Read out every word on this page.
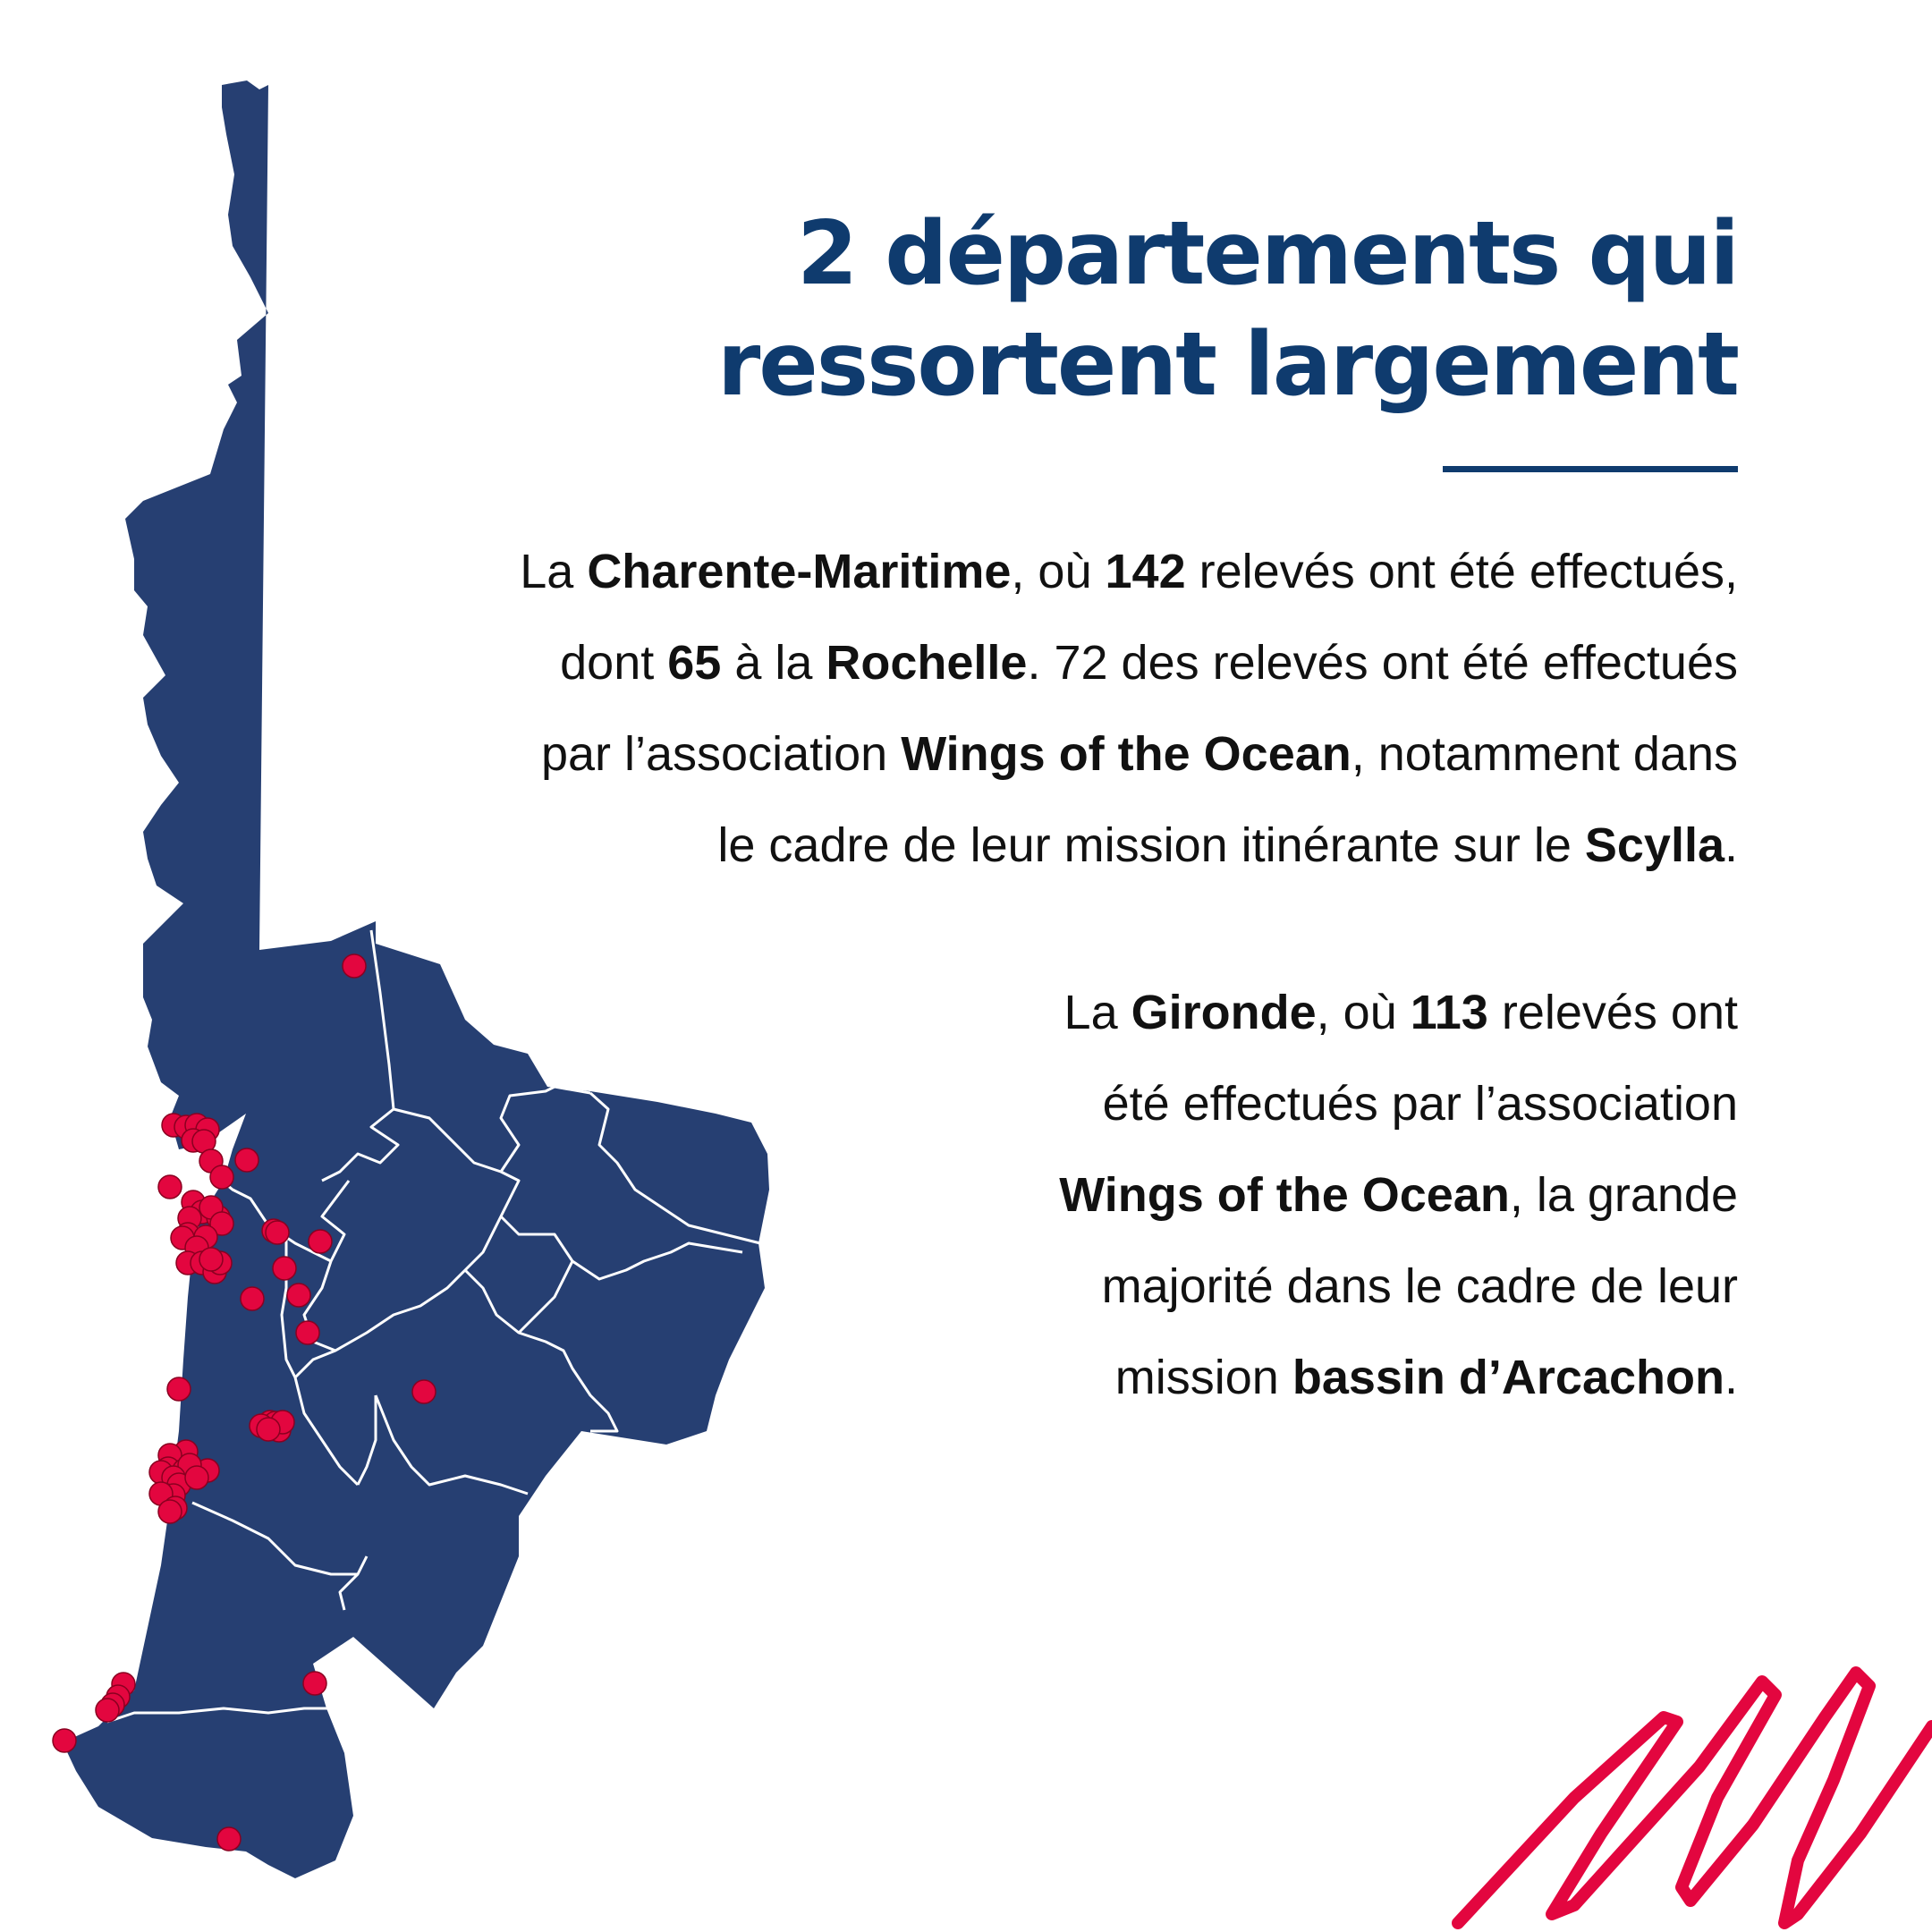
2 départements qui
ressortent largement

La Charente-Maritime, où 142 relevés ont été effectués,
dont 65 à la Rochelle. 72 des relevés ont été effectués
par l’association Wings of the Ocean, notamment dans
le cadre de leur mission itinérante sur le Scylla.

La Gironde, où 113 relevés ont
été effectués par l’association
Wings of the Ocean, la grande
majorité dans le cadre de leur
mission bassin d’Arcachon.
